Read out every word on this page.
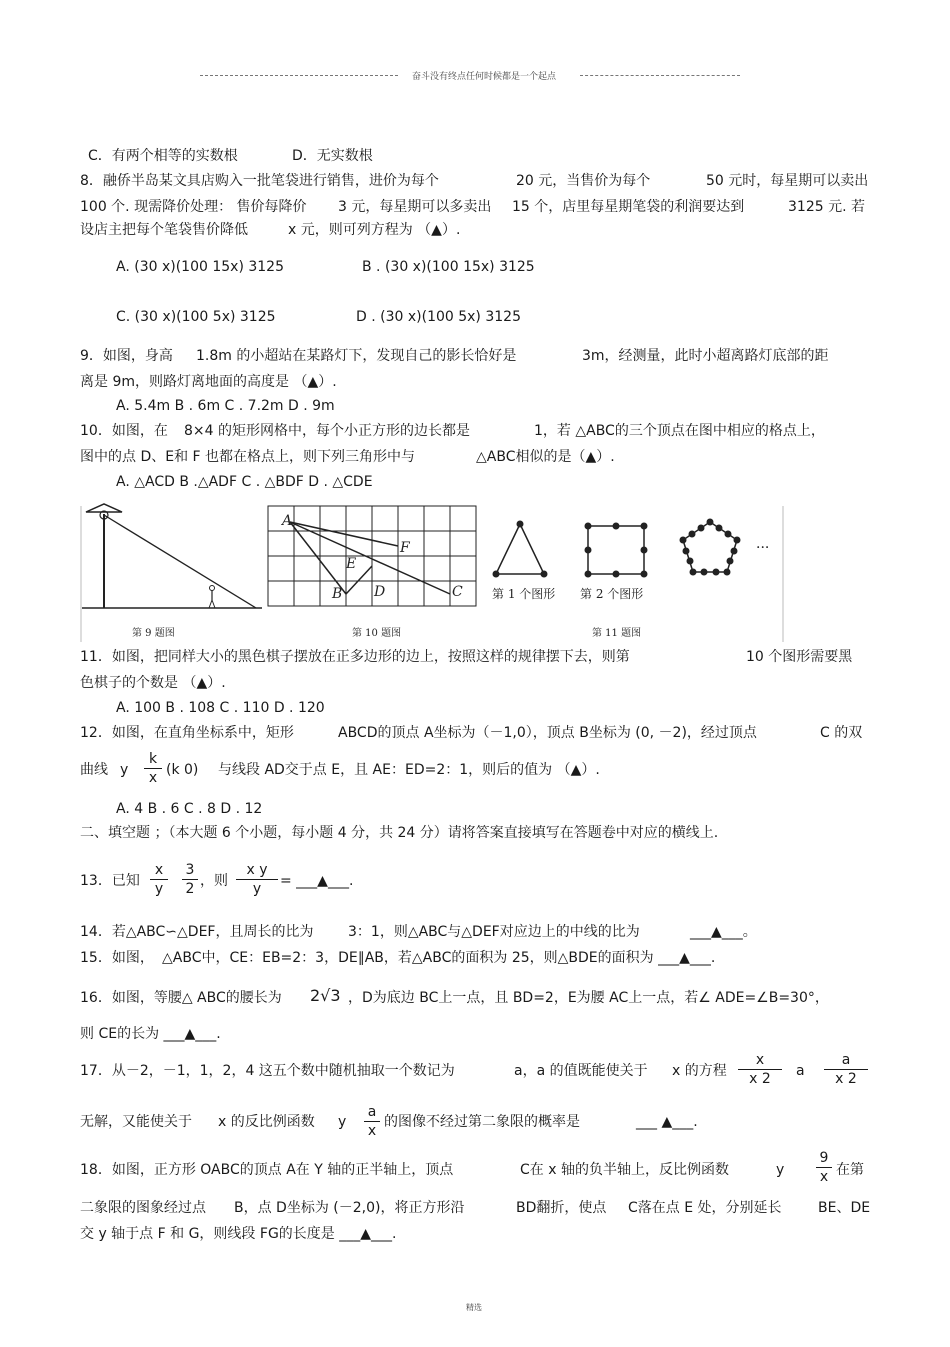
奋斗没有终点任何时候都是一个起点
C．有两个相等的实数根	D．无实数根
8．融侨半岛某文具店购入一批笔袋进行销售，进价为每个	20 元，当售价为每个	50 元时，每星期可以卖出
100 个. 现需降价处理： 售价每降价 3 元，每星期可以多卖出 15 个，店里每星期笔袋的利润要达到	3125 元. 若
设店主把每个笔袋售价降低	x 元，则可列方程为 （▲）.
A. (30 x)(100 15x) 3125	B . (30 x)(100 15x) 3125
C. (30 x)(100 5x) 3125	D . (30 x)(100 5x) 3125
9．如图，身高 1.8m 的小超站在某路灯下，发现自己的影长恰好是	3m，经测量，此时小超离路灯底部的距
离是 9m，则路灯离地面的高度是 （▲）.
A. 5.4m B . 6m C . 7.2m D . 9m
10．如图，在 8×4 的矩形网格中，每个小正方形的边长都是	1，若 △ABC的三个顶点在图中相应的格点上，
图中的点 D、E和 F 也都在格点上，则下列三角形中与	△ABC相似的是（▲）.
A. △ACD B .△ADF C . △BDF D . △CDE
第 9 题图
A
E
F
B D	C
第 10 题图
···
第 1 个图形 第 2 个图形
第 11 题图
11．如图，把同样大小的黑色棋子摆放在正多边形的边上，按照这样的规律摆下去，则第	10 个图形需要黑
色棋子的个数是 （▲）.
A. 100 B . 108 C . 110 D . 120
12．如图，在直角坐标系中，矩形	ABCD的顶点 A坐标为（－1,0），顶点 B坐标为 (0, －2)，经过顶点	C 的双
曲线 y
k
x (k 0) 与线段 AD交于点 E，且 AE：ED=2：1，则后的值为 （▲）.
A. 4 B . 6 C . 8 D . 12
二、填空题 ；（本大题 6 个小题，每小题 4 分，共 24 分）请将答案直接填写在答题卷中对应的横线上.
13．已知
x
y
3
2 ，则
x y
y	= ___▲___.
14．若△ABC∽△DEF，且周长的比为 3：1，则△ABC与△DEF对应边上的中线的比为	___▲___。
15．如图， △ABC中，CE：EB=2：3，DE∥AB，若△ABC的面积为 25，则△BDE的面积为 ___▲___.
16．如图，等腰△ ABC的腰长为 2√3 ，D为底边 BC上一点，且 BD=2，E为腰 AC上一点，若∠ ADE=∠B=30°，
则 CE的长为 ___▲___.
17．从－2，－1，1，2，4 这五个数中随机抽取一个数记为	a，a 的值既能使关于 x 的方程
x
x 2	a
a
x 2
无解，又能使关于 x 的反比例函数 y
a
x
的图像不经过第二象限的概率是	___ ▲___.
18．如图，正方形 OABC的顶点 A在 Y 轴的正半轴上，顶点	C在 x 轴的负半轴上，反比例函数	y
9
x 在第
二象限的图象经过点 B，点 D坐标为 (－2,0)，将正方形沿	BD翻折，使点 C落在点 E 处，分别延长	BE、DE
交 y 轴于点 F 和 G，则线段 FG的长度是 ___▲___.
精选
